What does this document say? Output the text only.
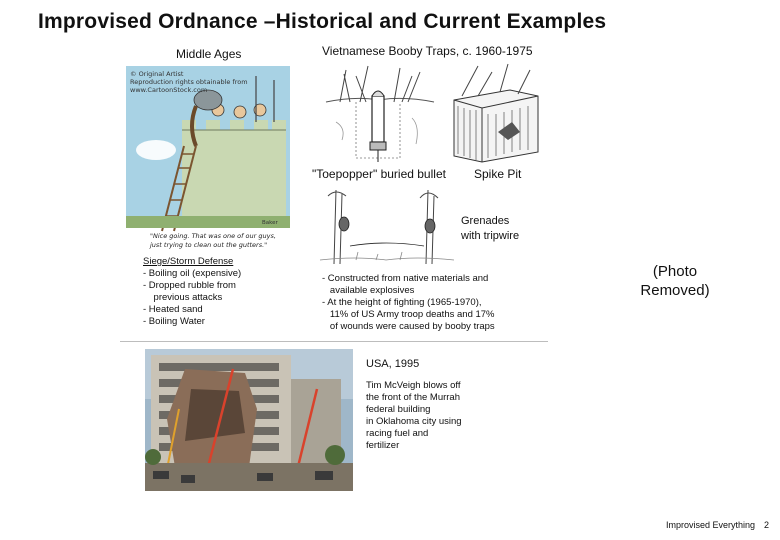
Improvised Ordnance –Historical and Current Examples
Middle Ages
© Original Artist
Reproduction rights obtainable from
www.CartoonStock.com
Baker
"Nice going. That was one of our guys,
just trying to clean out the gutters."
Siege/Storm Defense
- Boiling oil (expensive)
- Dropped rubble from
previous attacks
- Heated sand
- Boiling Water
Vietnamese Booby Traps, c. 1960-1975
"Toepopper" buried bullet Spike Pit
Grenades
with tripwire
- Constructed from native materials and
available explosives
- At the height of fighting (1965-1970),
11% of US Army troop deaths and 17%
of wounds were caused by booby traps
(Photo
Removed)
USA, 1995
Tim McVeigh blows off
the front of the Murrah
federal building
in Oklahoma city using
racing fuel and
fertilizer
Improvised Everything 2
